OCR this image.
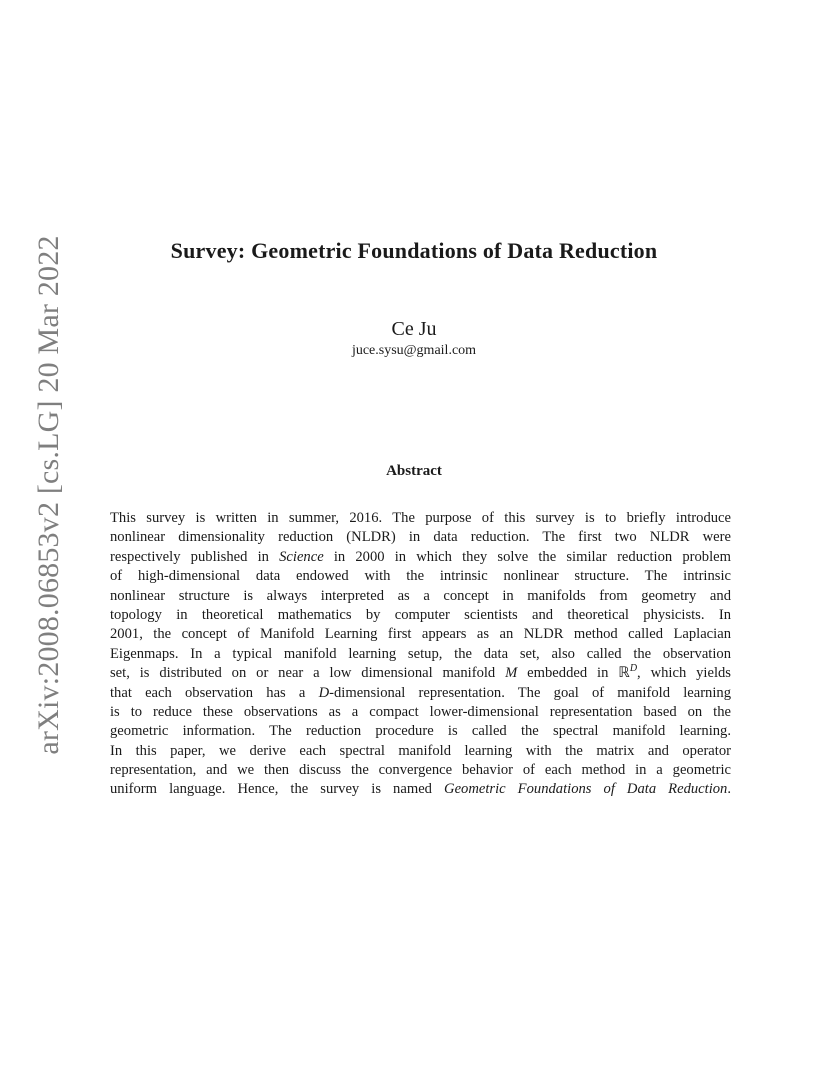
arXiv:2008.06853v2 [cs.LG] 20 Mar 2022	Survey: Geometric Foundations of Data Reduction
Ce Ju
juce.sysu@gmail.com
Abstract
This survey is written in summer, 2016. The purpose of this survey is to briefly introduce
nonlinear dimensionality reduction (NLDR) in data reduction. The first two NLDR were
respectively published in Science in 2000 in which they solve the similar reduction problem
of high-dimensional data endowed with the intrinsic nonlinear structure. The intrinsic
nonlinear structure is always interpreted as a concept in manifolds from geometry and
topology in theoretical mathematics by computer scientists and theoretical physicists. In
2001, the concept of Manifold Learning first appears as an NLDR method called Laplacian
Eigenmaps. In a typical manifold learning setup, the data set, also called the observation
set, is distributed on or near a low dimensional manifold M embedded in ℝ$^D$, which yields
that each observation has a D-dimensional representation. The goal of manifold learning
is to reduce these observations as a compact lower-dimensional representation based on the
geometric information. The reduction procedure is called the spectral manifold learning.
In this paper, we derive each spectral manifold learning with the matrix and operator
representation, and we then discuss the convergence behavior of each method in a geometric
uniform language. Hence, the survey is named Geometric Foundations of Data Reduction.
